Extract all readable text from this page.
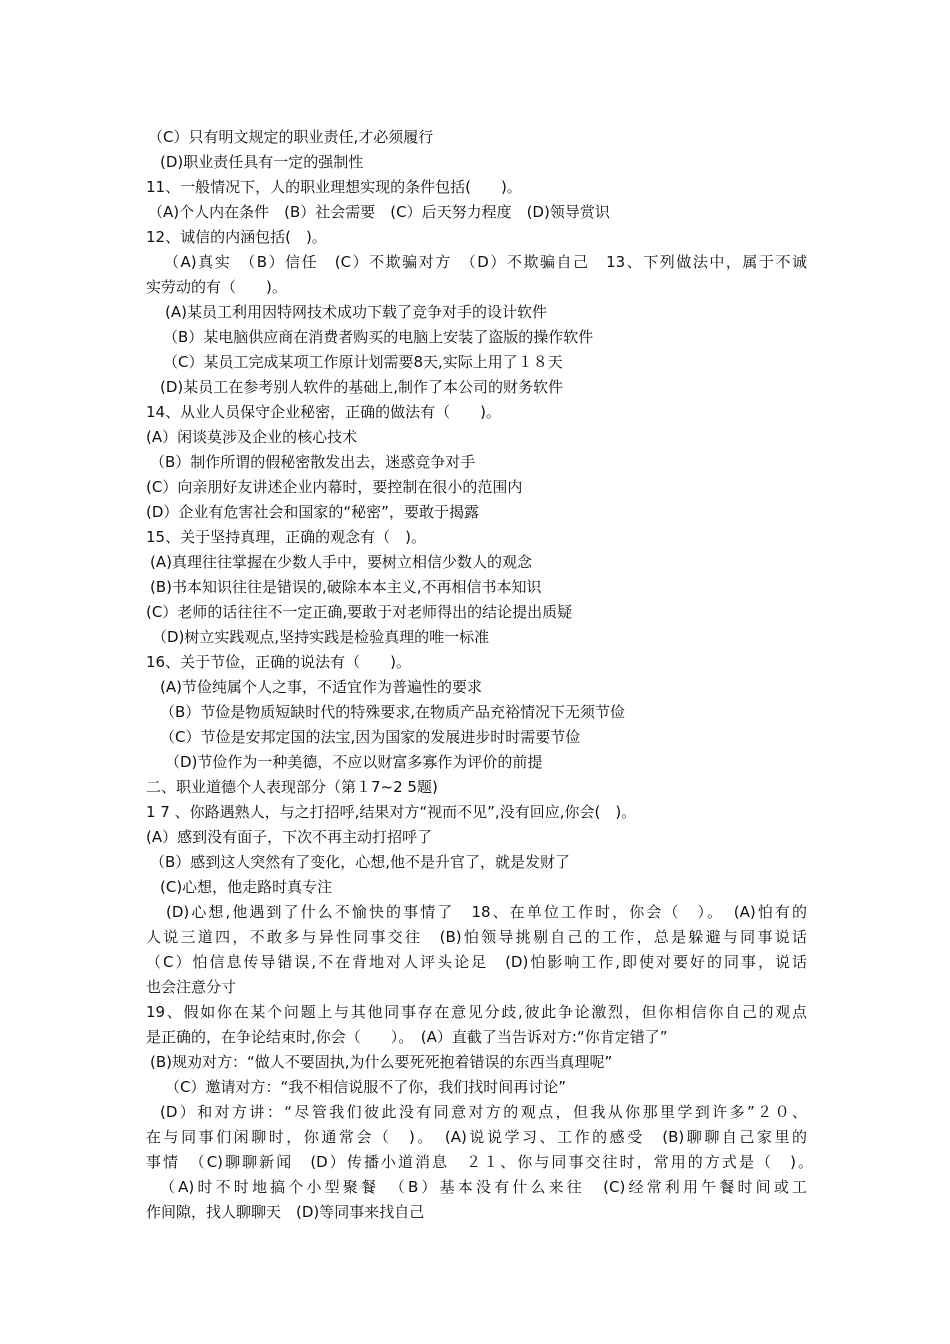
（C）只有明文规定的职业责任,才必须履行
(D)职业责任具有一定的强制性
11、一般情况下，人的职业理想实现的条件包括(　　)。
（A)个人内在条件　(B）社会需要　(C）后天努力程度　(D)领导赏识
12、诚信的内涵包括(　)。
（A)真实　（B）信任　(C）不欺骗对方　（D）不欺骗自己　13、下列做法中，属于不诚
实劳动的有（　　)。
(A)某员工利用因特网技术成功下载了竞争对手的设计软件
（B）某电脑供应商在消费者购买的电脑上安装了盗版的操作软件
（C）某员工完成某项工作原计划需要8天,实际上用了１８天
(D)某员工在参考别人软件的基础上,制作了本公司的财务软件
14、从业人员保守企业秘密，正确的做法有（　　)。
(A）闲谈莫涉及企业的核心技术
（B）制作所谓的假秘密散发出去，迷惑竞争对手
(C）向亲朋好友讲述企业内幕时，要控制在很小的范围内
(D）企业有危害社会和国家的“秘密”，要敢于揭露
15、关于坚持真理，正确的观念有（　)。
(A)真理往往掌握在少数人手中，要树立相信少数人的观念
(B)书本知识往往是错误的,破除本本主义,不再相信书本知识
(C）老师的话往往不一定正确,要敢于对老师得出的结论提出质疑
（D)树立实践观点,坚持实践是检验真理的唯一标准
16、关于节俭，正确的说法有（　　)。
(A)节俭纯属个人之事，不适宜作为普遍性的要求
（B）节俭是物质短缺时代的特殊要求,在物质产品充裕情况下无须节俭
（C）节俭是安邦定国的法宝,因为国家的发展进步时时需要节俭
（D)节俭作为一种美德，不应以财富多寡作为评价的前提
二、职业道德个人表现部分（第１7~2 5题)
1 7 、你路遇熟人，与之打招呼,结果对方“视而不见”,没有回应,你会(　)。
(A）感到没有面子，下次不再主动打招呼了
（B）感到这人突然有了变化，心想,他不是升官了，就是发财了
(C)心想，他走路时真专注
(D)心想,他遇到了什么不愉快的事情了　18、在单位工作时，你会（　）。　(A)怕有的
人说三道四，不敢多与异性同事交往　(B)怕领导挑剔自己的工作，总是躲避与同事说话
（C）怕信息传导错误,不在背地对人评头论足　(D)怕影响工作,即使对要好的同事，说话
也会注意分寸
19、假如你在某个问题上与其他同事存在意见分歧,彼此争论激烈，但你相信你自己的观点
是正确的，在争论结束时,你会（　　）。　(A）直截了当告诉对方:“你肯定错了”
(B)规劝对方：“做人不要固执,为什么要死死抱着错误的东西当真理呢”
（C）邀请对方：“我不相信说服不了你，我们找时间再讨论”
(D）和对方讲：“尽管我们彼此没有同意对方的观点，但我从你那里学到许多”２０、
在与同事们闲聊时，你通常会（　)。　(A)说说学习、工作的感受　(B)聊聊自己家里的
事情　（C)聊聊新闻　(D）传播小道消息　２１、你与同事交往时，常用的方式是（　)。
（A)时不时地搞个小型聚餐　（B）基本没有什么来往　(C)经常利用午餐时间或工
作间隙，找人聊聊天　(D)等同事来找自己
